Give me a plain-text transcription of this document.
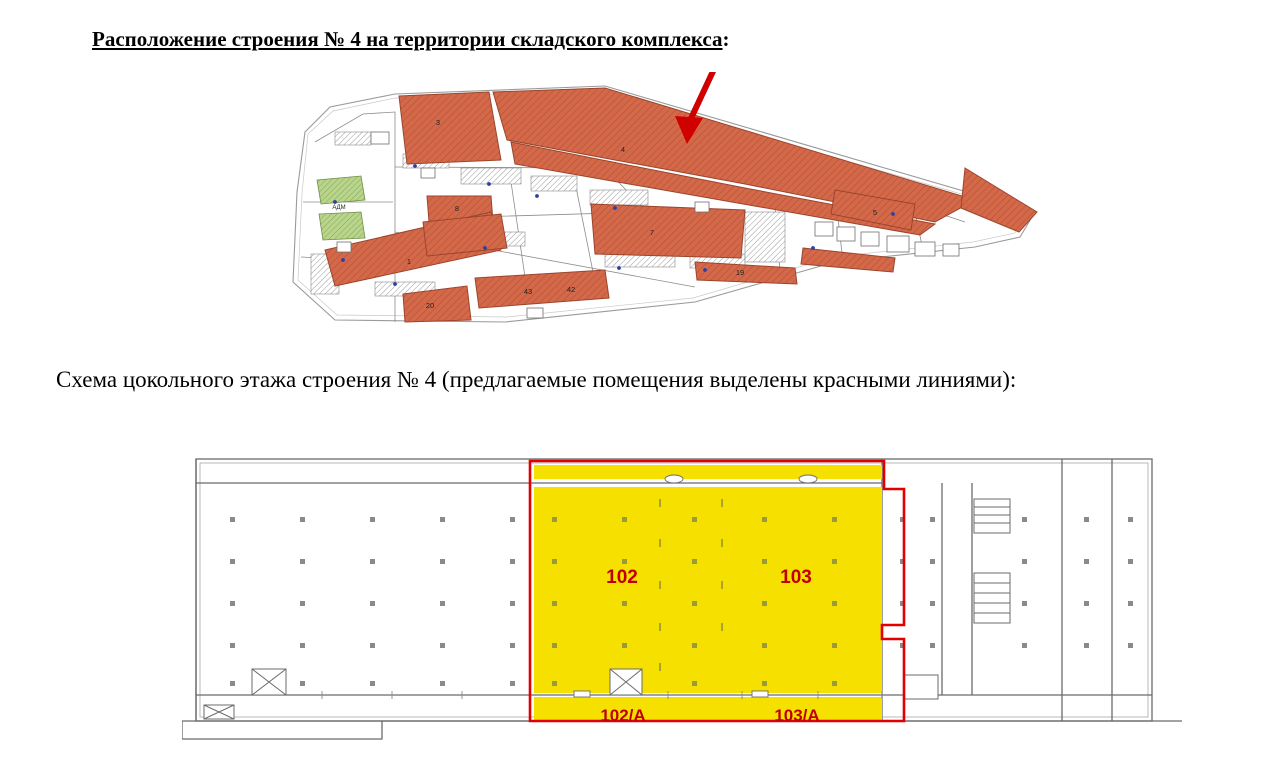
Расположение строения № 4 на территории складского комплекса:
3
4
8
7
1
5
19
20
43	42
АДМ
Схема цокольного этажа строения № 4 (предлагаемые помещения выделены красными линиями):
102	103
102/А	103/А
